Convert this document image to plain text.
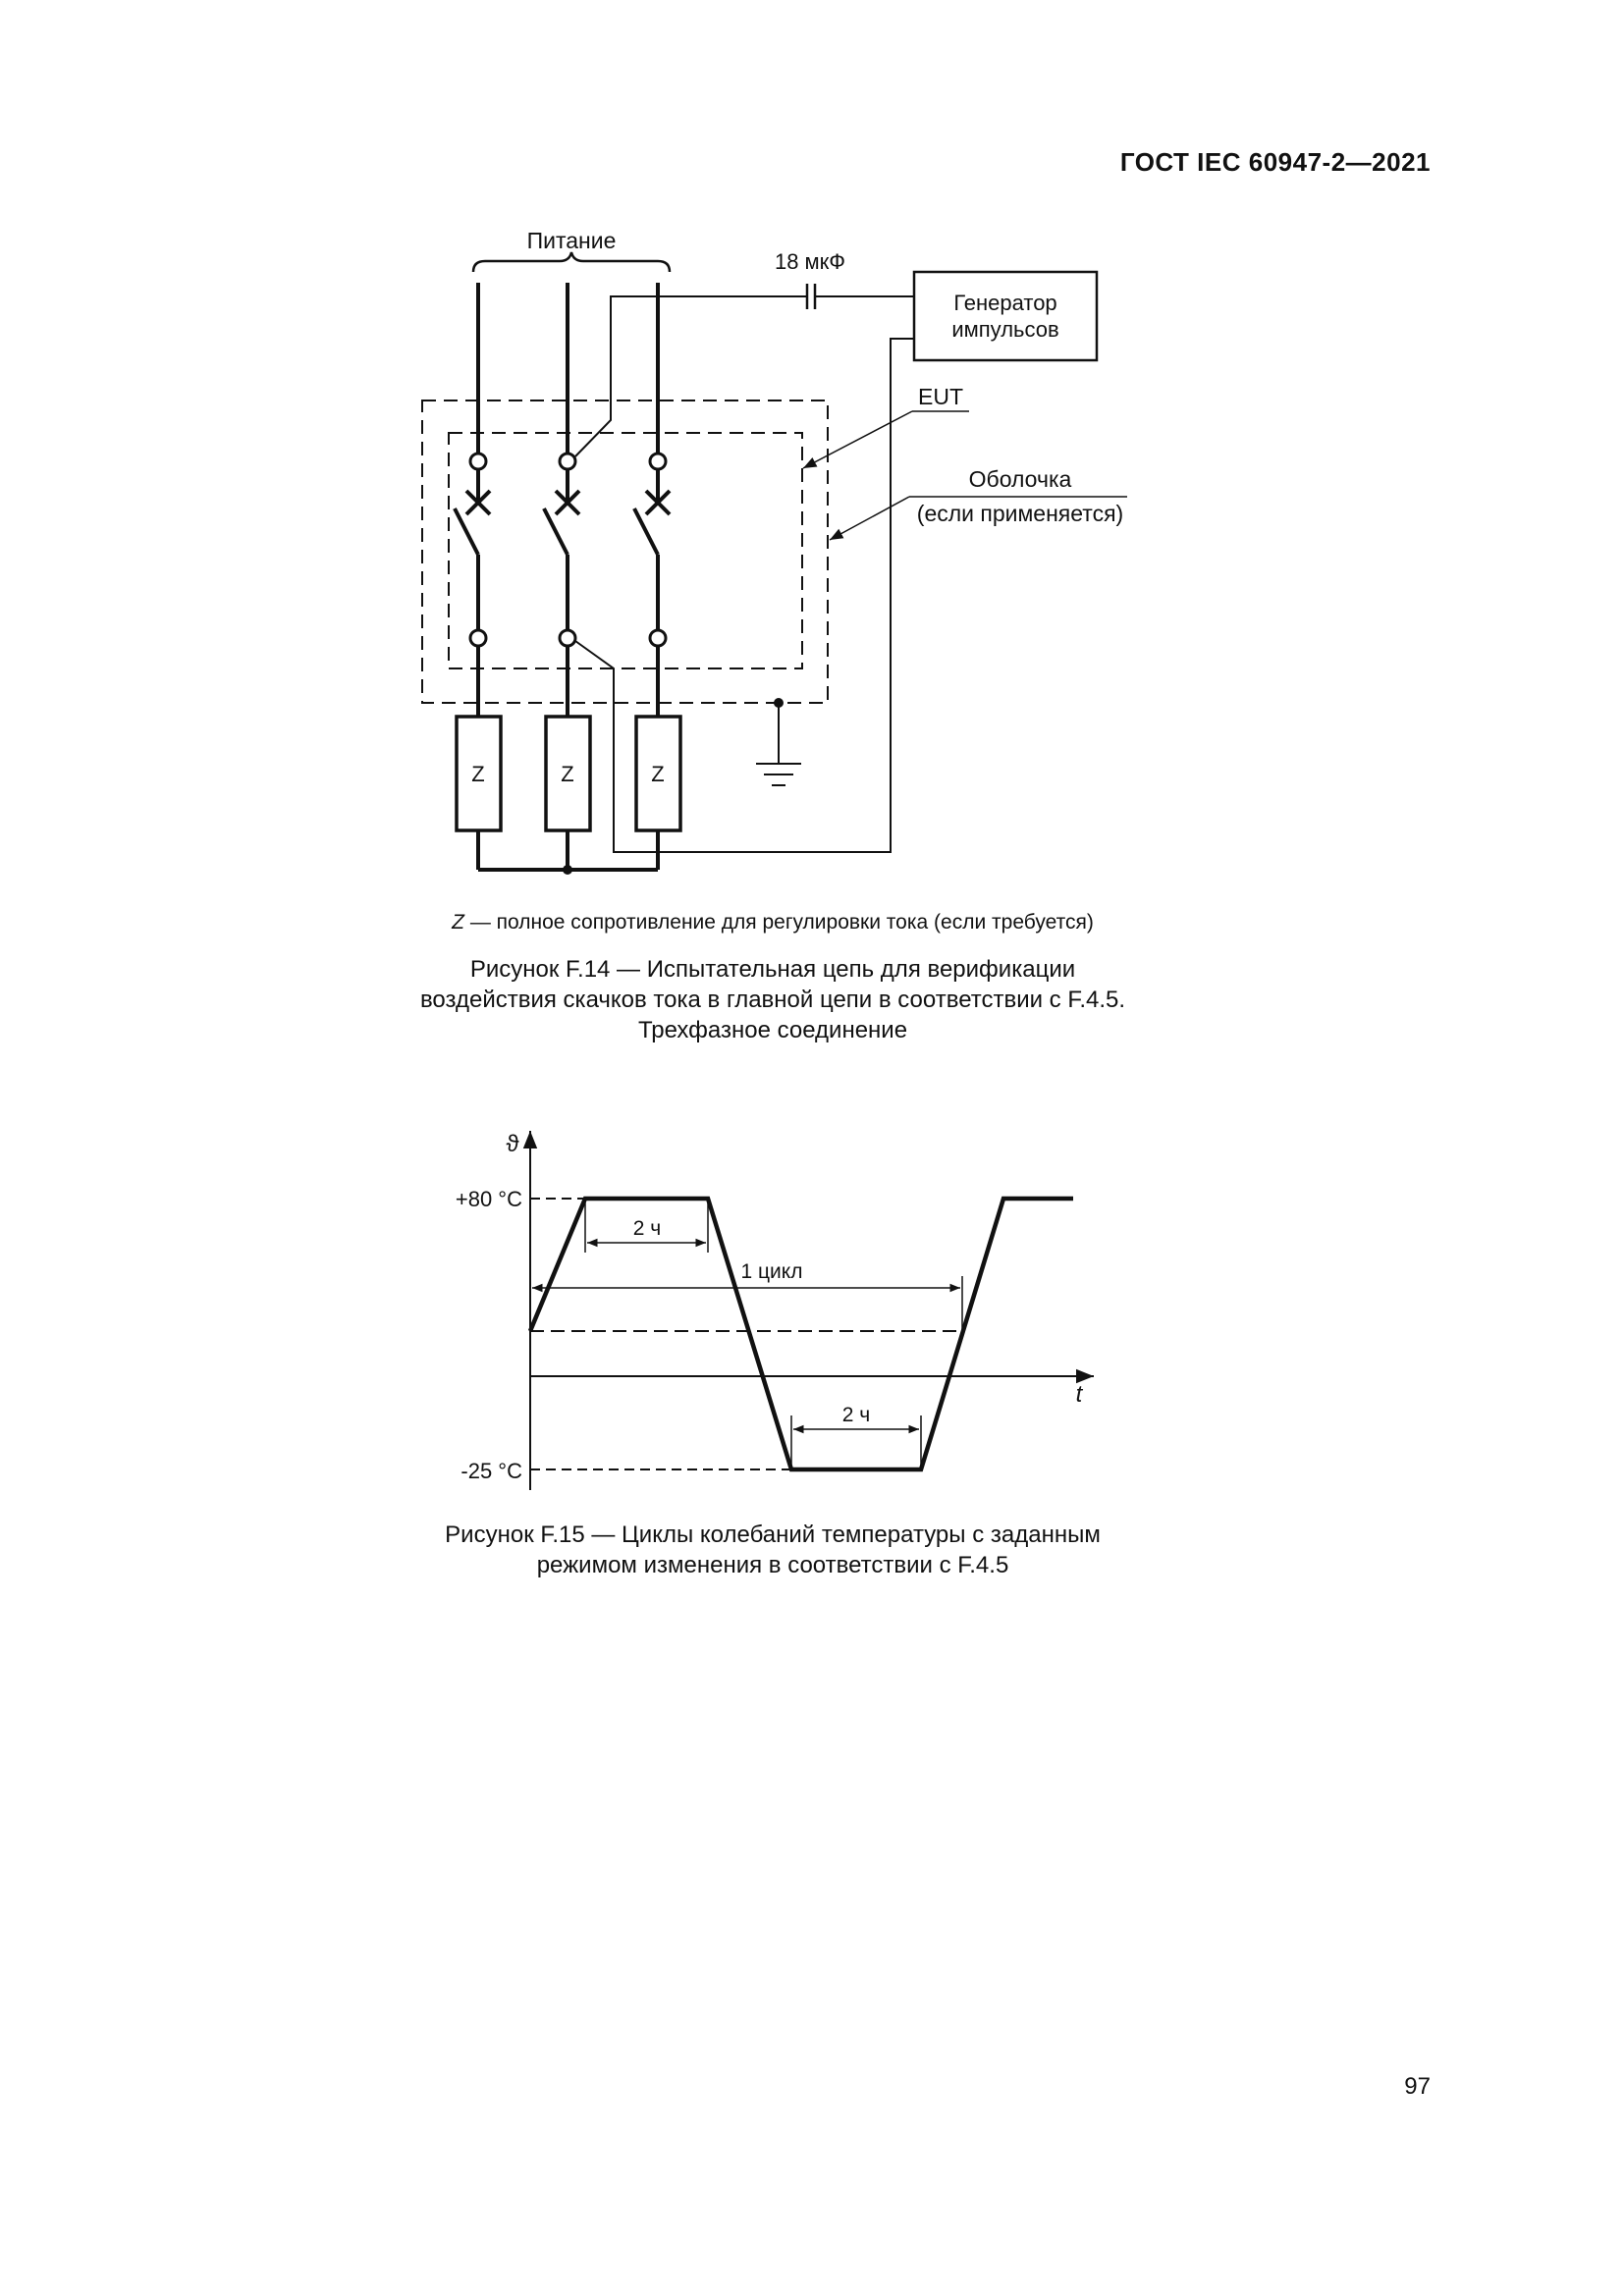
ГОСТ IEC 60947-2—2021
Питание
18 мкФ
Генератор
импульсов
EUT
Оболочка
(если применяется)
Z	Z	Z
Z — полное сопротивление для регулировки тока (если требуется)
Рисунок F.14 — Испытательная цепь для верификации
воздействия скачков тока в главной цепи в соответствии с F.4.5.
Трехфазное соединение
ϑ
t
+80 °C
-25 °C
2 ч
1 цикл
2 ч
Рисунок F.15 — Циклы колебаний температуры с заданным
режимом изменения в соответствии с F.4.5
97
